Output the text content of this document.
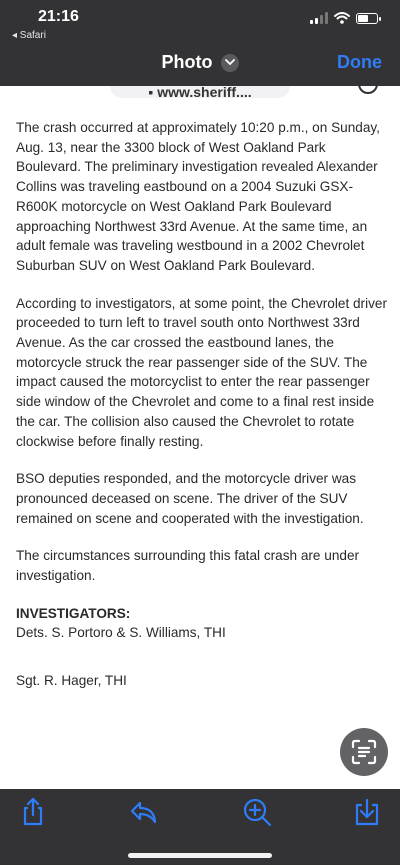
21:16
◂ Safari
Photo	Done
▪ www.sheriff....

The crash occurred at approximately 10:20 p.m., on Sunday, Aug. 13, near the 3300 block of West Oakland Park Boulevard. The preliminary investigation revealed Alexander Collins was traveling eastbound on a 2004 Suzuki GSX-R600K motorcycle on West Oakland Park Boulevard approaching Northwest 33rd Avenue. At the same time, an adult female was traveling westbound in a 2002 Chevrolet Suburban SUV on West Oakland Park Boulevard.

According to investigators, at some point, the Chevrolet driver proceeded to turn left to travel south onto Northwest 33rd Avenue. As the car crossed the eastbound lanes, the motorcycle struck the rear passenger side of the SUV. The impact caused the motorcyclist to enter the rear passenger side window of the Chevrolet and come to a final rest inside the car. The collision also caused the Chevrolet to rotate clockwise before finally resting.

BSO deputies responded, and the motorcycle driver was pronounced deceased on scene. The driver of the SUV remained on scene and cooperated with the investigation.

The circumstances surrounding this fatal crash are under investigation.

INVESTIGATORS:

Dets. S. Portoro & S. Williams, THI

Sgt. R. Hager, THI
